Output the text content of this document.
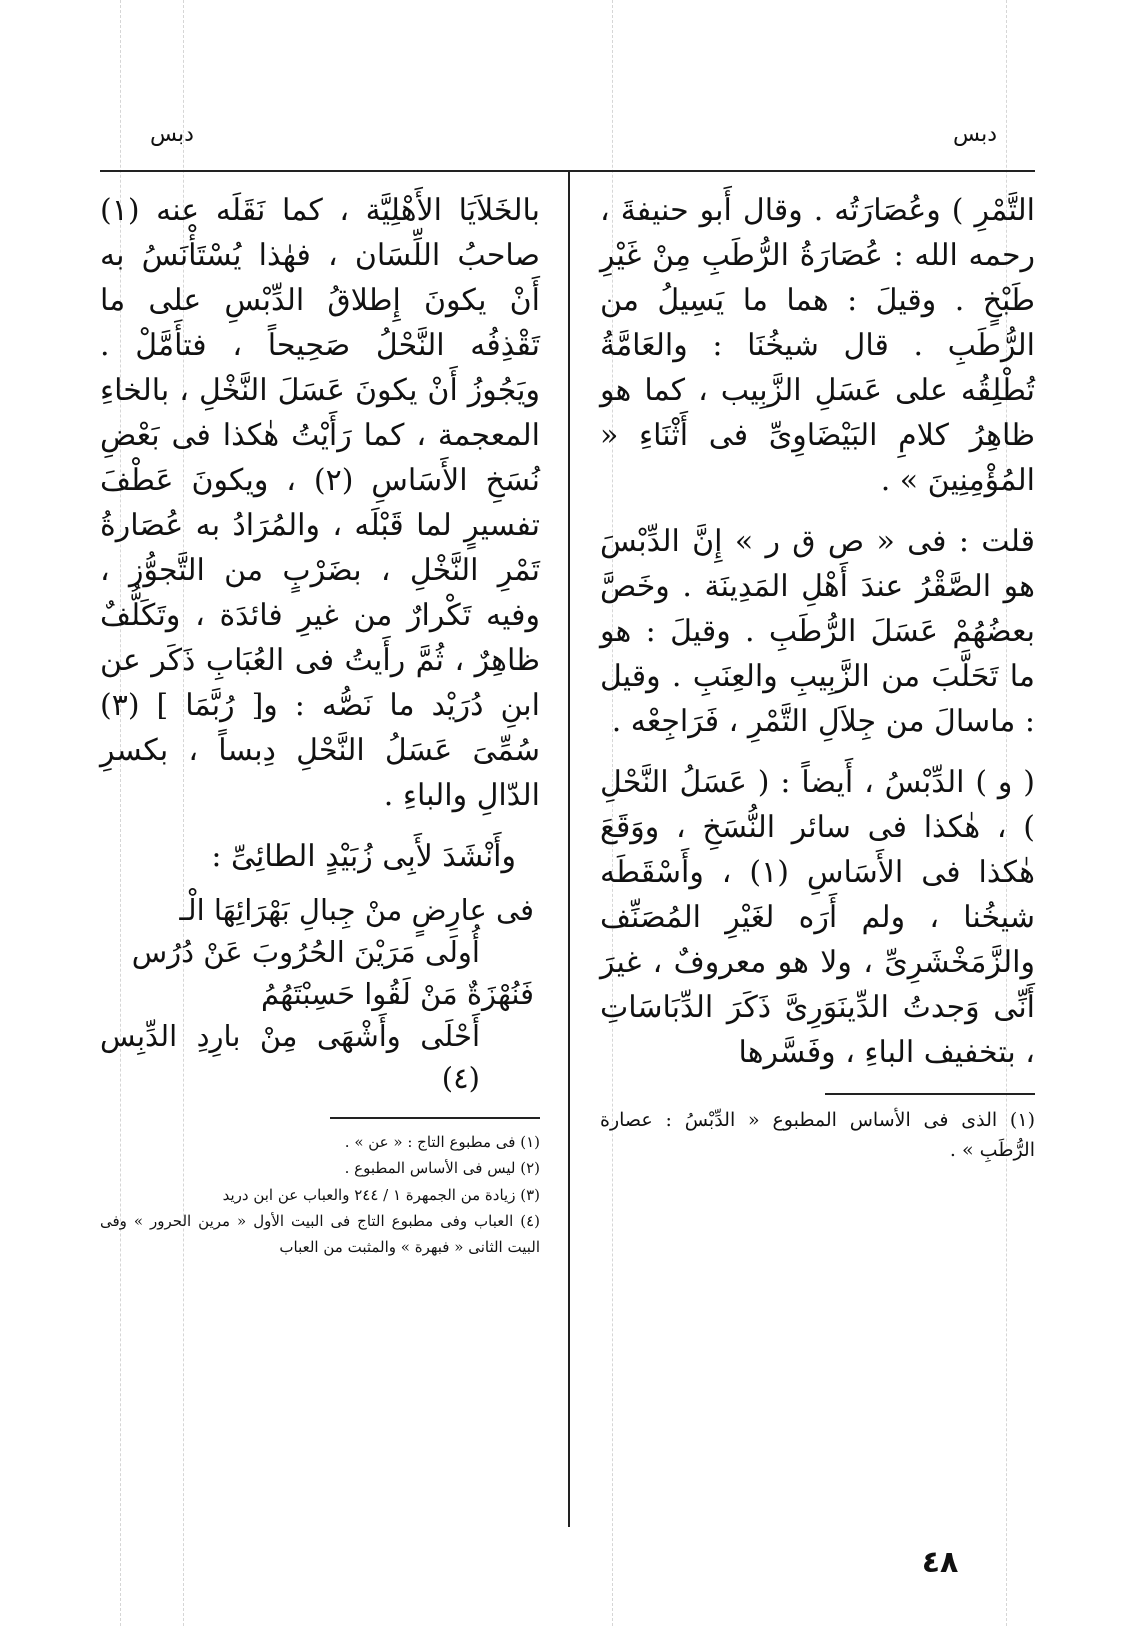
دبس	دبس

التَّمْرِ ) وعُصَارَتُه . وقال أَبو حنيفةَ ، رحمه الله : عُصَارَةُ الرُّطَبِ مِنْ غَيْرِ طَبْخٍ . وقيلَ : هما ما يَسِيلُ من الرُّطَبِ . قال شيخُنَا : والعَامَّةُ تُطْلِقُه على عَسَلِ الزَّبِيب ، كما هو ظاهِرُ كلامِ البَيْضَاوِىِّ فى أَثْنَاءِ « المُؤْمِنِينَ » .

قلت : فى « ص ق ر » إِنَّ الدِّبْسَ هو الصَّقْرُ عندَ أَهْلِ المَدِينَة . وخَصَّ بعضُهُمْ عَسَلَ الرُّطَبِ . وقيلَ : هو ما تَحَلَّبَ من الزَّبِيبِ والعِنَبِ . وقيل : ماسالَ من جِلاَلِ التَّمْرِ ، فَرَاجِعْه .

( و ) الدِّبْسُ ، أَيضاً : ( عَسَلُ النَّحْلِ ) ، هٰكذا فى سائر النُّسَخِ ، ووَقَعَ هٰكذا فى الأَسَاسِ (١) ، وأَسْقَطَه شيخُنا ، ولم أَرَه لغَيْرِ المُصَنِّف والزَّمَخْشَرِىِّ ، ولا هو معروفٌ ، غيرَ أَنِّى وَجدتُ الدِّينَوَرِىَّ ذَكَرَ الدِّبَاسَاتِ ، بتخفيف الباءِ ، وفَسَّرها

(١) الذى فى الأساس المطبوع « الدِّبْسُ : عصارة الرُّطَبِ » .

بالخَلاَيَا الأَهْلِيَّة ، كما نَقَلَه عنه (١) صاحبُ اللِّسَان ، فهٰذا يُسْتَأْنَسُ به أَنْ يكونَ إِطلاقُ الدِّبْسِ على ما تَقْذِفُه النَّحْلُ صَحِيحاً ، فتأَمَّلْ . ويَجُوزُ أَنْ يكونَ عَسَلَ النَّخْلِ ، بالخاءِ المعجمة ، كما رَأَيْتُ هٰكذا فى بَعْضِ نُسَخِ الأَسَاسِ (٢) ، ويكونَ عَطْفَ تفسيرٍ لما قَبْلَه ، والمُرَادُ به عُصَارةُ تَمْرِ النَّخْلِ ، بضَرْبٍ من التَّجوُّز ، وفيه تَكْرارٌ من غيرِ فائدَة ، وتَكَلُّفٌ ظاهِرٌ ، ثُمَّ رأَيتُ فى العُبَابِ ذَكَر عن ابنِ دُرَيْد ما نَصُّه : و[ رُبَّمَا ] (٣) سُمِّىَ عَسَلُ النَّحْلِ دِبساً ، بكسرِ الدّالِ والباءِ .

وأَنْشَدَ لأَبِى زُبَيْدٍ الطائِىِّ :

فى عارِضٍ منْ جِبالِ بَهْرَائِهَا الْـ
أُولَى مَرَيْنَ الحُرُوبَ عَنْ دُرُس
فَنُهْزَةٌ مَنْ لَقُوا حَسِبْتَهُمُ
أَحْلَى وأَشْهَى مِنْ بارِدِ الدِّبِس (٤)
(١) فى مطبوع التاج : « عن » .
(٢) ليس فى الأساس المطبوع .
(٣) زيادة من الجمهرة ١ / ٢٤٤ والعباب عن ابن دريد
(٤) العباب وفى مطبوع التاج فى البيت الأول « مرين الحرور » وفى البيت الثانى « فبهرة » والمثبت من العباب
٤٨
